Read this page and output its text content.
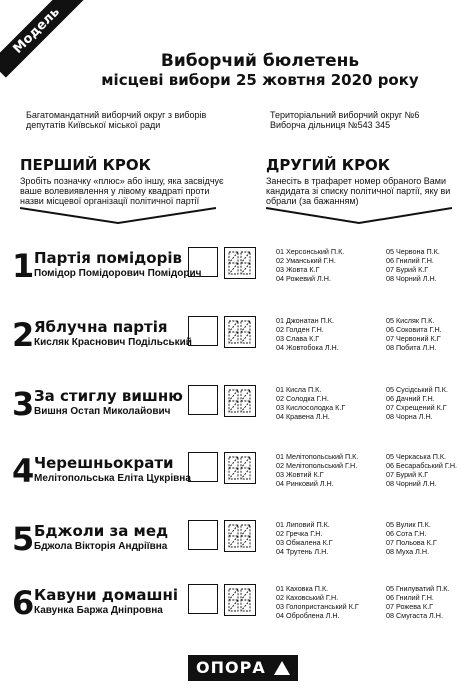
Модель
Виборчий бюлетень
місцеві вибори 25 жовтня 2020 року
Багатомандатний виборчий округ з виборів депутатів Київської міської ради
Територіальний виборчий округ №6
Виборча дільниця №543 345
ПЕРШИЙ КРОК
Зробіть позначку «плюс» або іншу, яка засвідчує ваше волевиявлення у лівому квадраті проти назви місцевої організації політичної партії
ДРУГИЙ КРОК
Занесіть в трафарет номер обраного Вами кандидата зі списку політичної партії, яку ви обрали (за бажанням)
1 Партія помідорів
Помідор Помідорович Помідорич
01 Херсонський П.К.
02 Уманський Г.Н.
03 Жовта К.Г
04 Рожевий Л.Н.
05 Червона П.К.
06 Гнилий Г.Н.
07 Бурий К.Г
08 Чорний Л.Н.
2 Яблучна партія
Кисляк Краснович Подільський
01 Джонатан П.К.
02 Голден Г.Н.
03 Слава К.Г
04 Жовтобока Л.Н.
05 Кисляк П.К.
06 Соковита Г.Н.
07 Червоний К.Г
08 Побита Л.Н.
3 За стиглу вишню
Вишня Остап Миколайович
01 Кисла П.К.
02 Солодка Г.Н.
03 Кислосолодка К.Г
04 Кравена Л.Н.
05 Сусідський П.К.
06 Дачний Г.Н.
07 Схрещений К.Г
08 Чорна Л.Н.
4 Черешньократи
Мелітопольська Еліта Цукрівна
01 Мелітопольський П.К.
02 Мелітопольський Г.Н.
03 Жовтий К.Г
04 Ринковий Л.Н.
05 Черкаська П.К.
06 Бесарабський Г.Н.
07 Бурий К.Г
08 Чорний Л.Н.
5 Бджоли за мед
Бджола Вікторія Андріївна
01 Липовий П.К.
02 Гречка Г.Н.
03 Обжалена К.Г
04 Трутень Л.Н.
05 Вулик П.К.
06 Сота Г.Н.
07 Польова К.Г
08 Муха Л.Н.
6 Кавуни домашні
Кавунка Баржа Дніпровна
01 Каховка П.К.
02 Каховський Г.Н.
03 Голопристанський К.Г
04 Оброблена Л.Н.
05 Гнилуватий П.К.
06 Гнилий Г.Н.
07 Рожева К.Г
08 Смугаста Л.Н.
ОПОРА
